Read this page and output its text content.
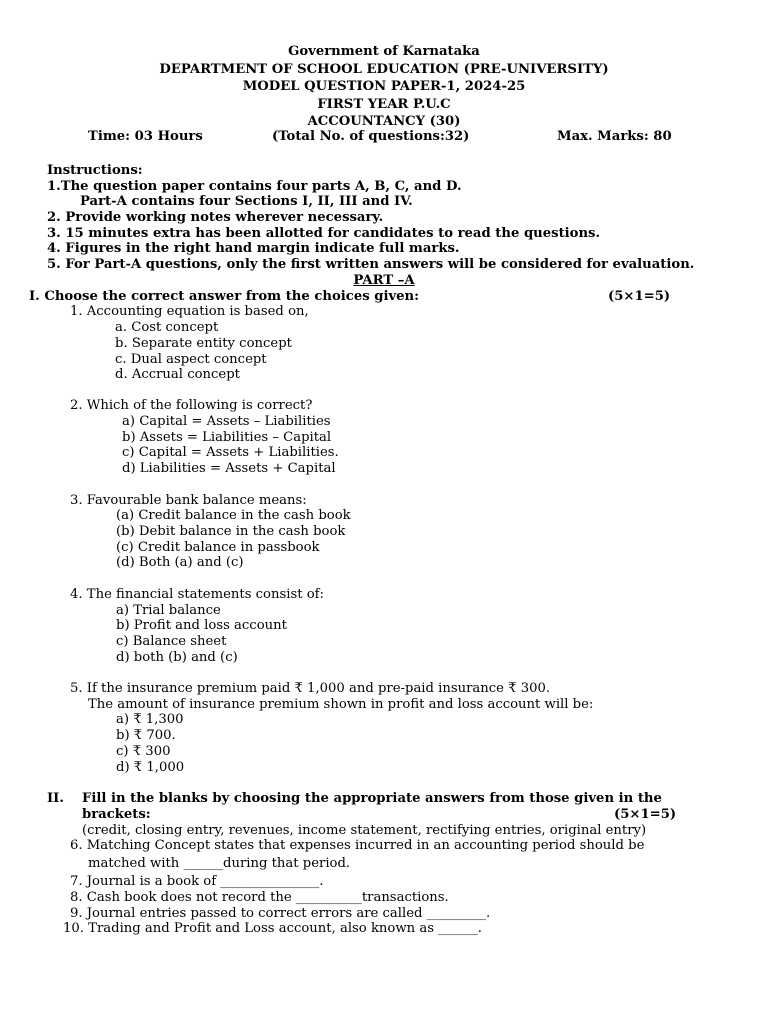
Government of Karnataka
DEPARTMENT OF SCHOOL EDUCATION (PRE-UNIVERSITY)
MODEL QUESTION PAPER-1, 2024-25
FIRST YEAR P.U.C
ACCOUNTANCY (30)
Time: 03 Hours	(Total No. of questions:32)	Max. Marks: 80
Instructions:
1.The question paper contains four parts A, B, C, and D.
Part-A contains four Sections I, II, III and IV.
2. Provide working notes wherever necessary.
3. 15 minutes extra has been allotted for candidates to read the questions.
4. Figures in the right hand margin indicate full marks.
5. For Part-A questions, only the first written answers will be considered for evaluation.
PART –A
I. Choose the correct answer from the choices given:	(5×1=5)
1. Accounting equation is based on,
a. Cost concept
b. Separate entity concept
c. Dual aspect concept
d. Accrual concept
2. Which of the following is correct?
a) Capital = Assets – Liabilities
b) Assets = Liabilities – Capital
c) Capital = Assets + Liabilities.
d) Liabilities = Assets + Capital
3. Favourable bank balance means:
(a) Credit balance in the cash book
(b) Debit balance in the cash book
(c) Credit balance in passbook
(d) Both (a) and (c)
4. The financial statements consist of:
a) Trial balance
b) Profit and loss account
c) Balance sheet
d) both (b) and (c)
5. If the insurance premium paid ₹ 1,000 and pre-paid insurance ₹ 300.
The amount of insurance premium shown in profit and loss account will be:
a) ₹ 1,300
b) ₹ 700.
c) ₹ 300
d) ₹ 1,000
II. Fill in the blanks by choosing the appropriate answers from those given in the
brackets:	(5×1=5)
(credit, closing entry, revenues, income statement, rectifying entries, original entry)
6. Matching Concept states that expenses incurred in an accounting period should be
matched with ______during that period.
7. Journal is a book of _______________.
8. Cash book does not record the __________transactions.
9. Journal entries passed to correct errors are called _________.
10. Trading and Profit and Loss account, also known as ______.
